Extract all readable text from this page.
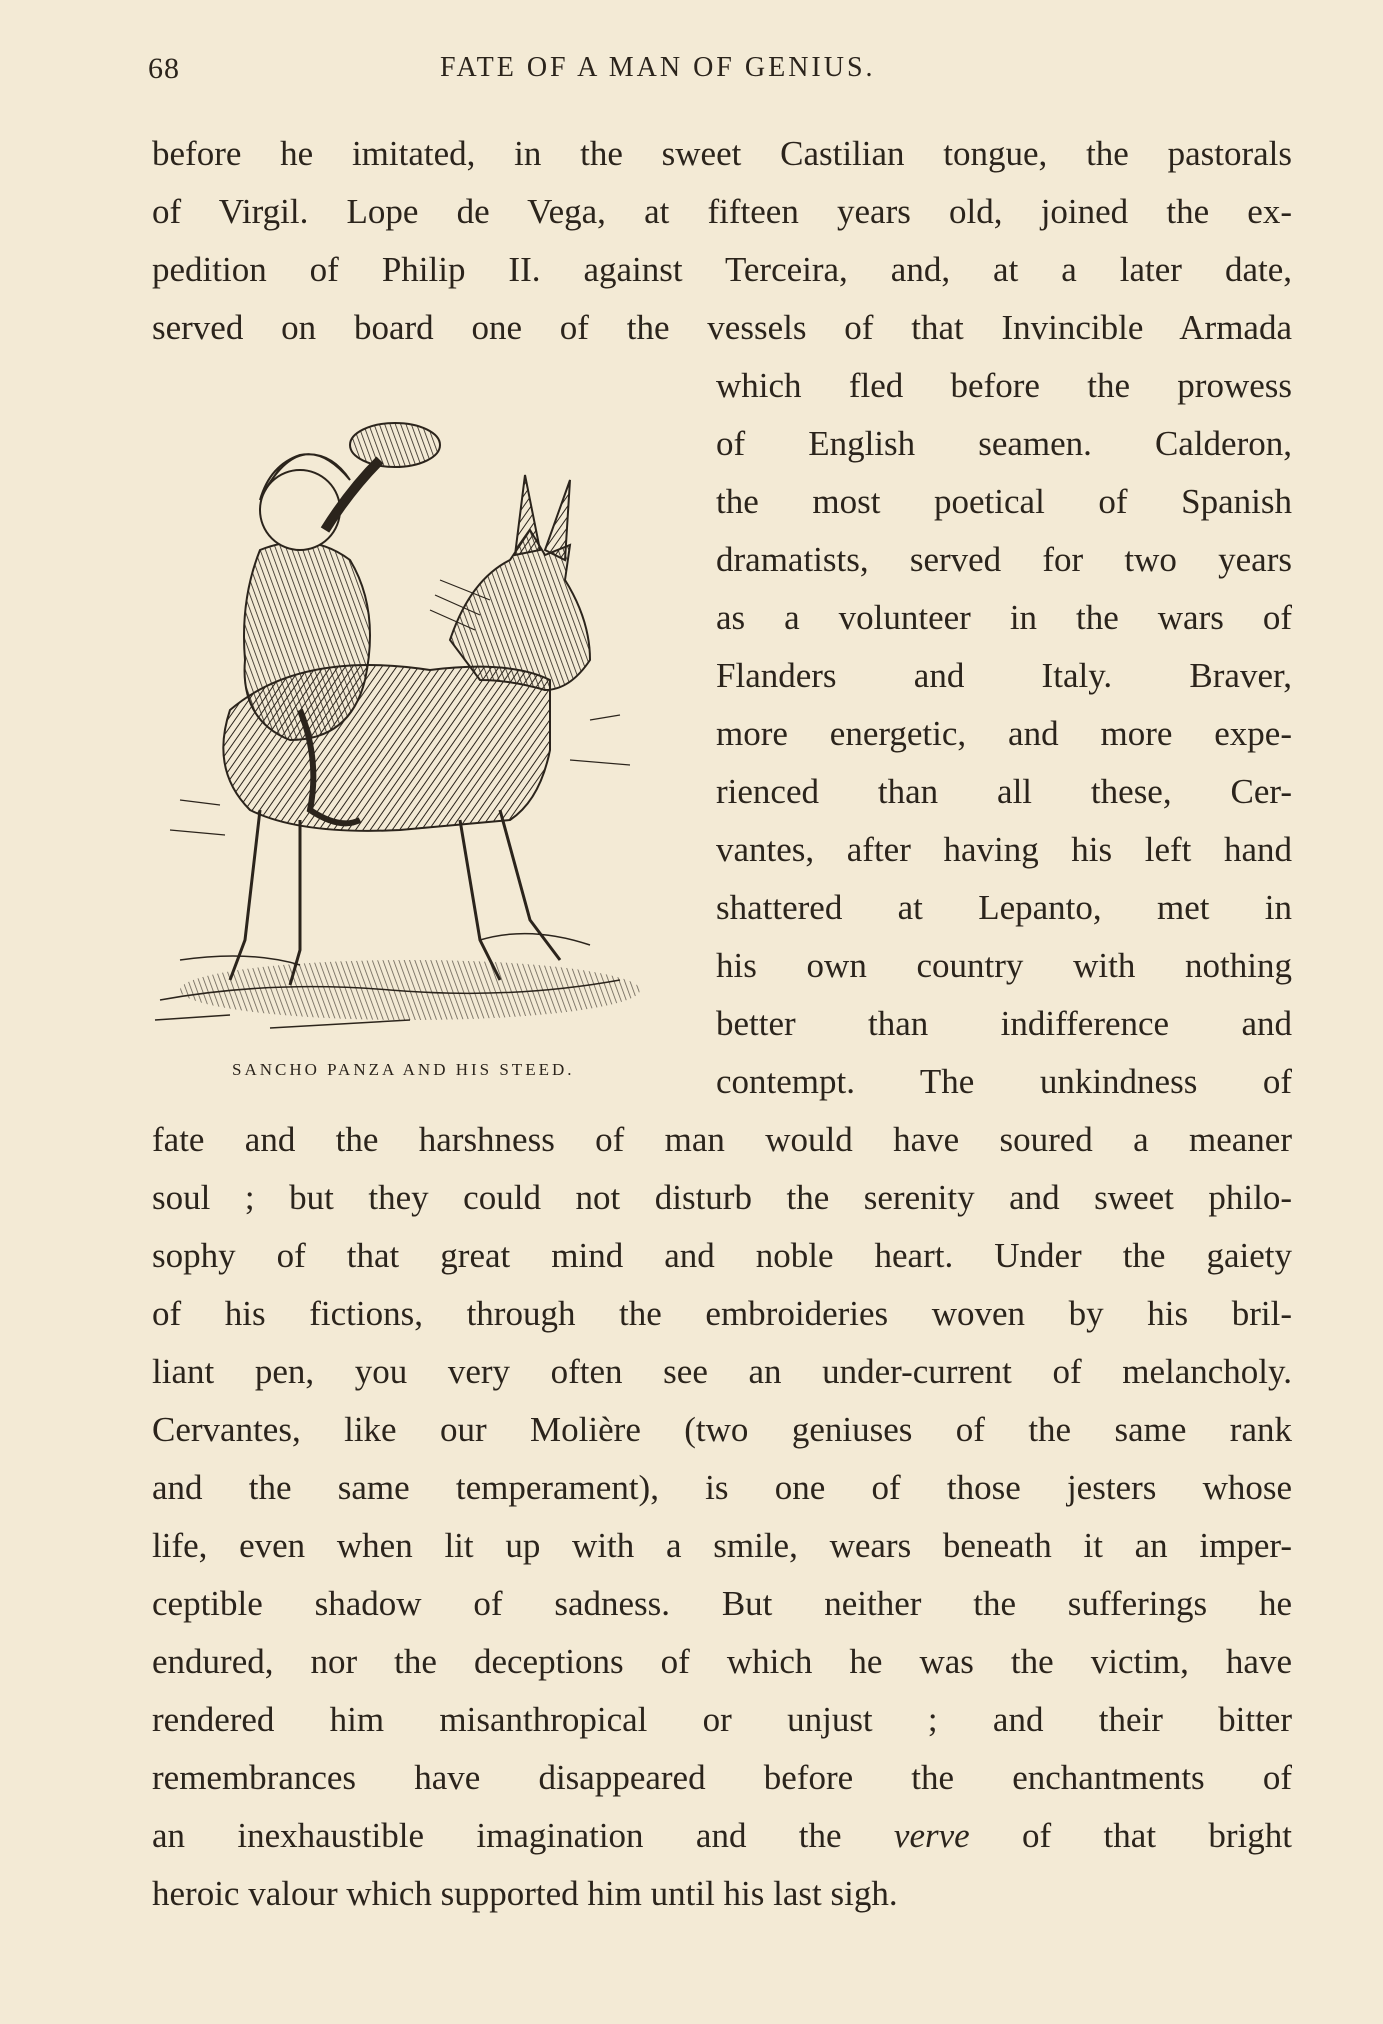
68	FATE OF A MAN OF GENIUS.
before he imitated, in the sweet Castilian tongue, the pastorals
of Virgil. Lope de Vega, at fifteen years old, joined the ex-
pedition of Philip II. against Terceira, and, at a later date,
served on board one of the vessels of that Invincible Armada
which fled before the prowess
of English seamen. Calderon,
the most poetical of Spanish
dramatists, served for two years
as a volunteer in the wars of
Flanders and Italy. Braver,
more energetic, and more expe-
rienced than all these, Cer-
vantes, after having his left hand
shattered at Lepanto, met in
his own country with nothing
better than indifference and
contempt. The unkindness of
SANCHO PANZA AND HIS STEED.
fate and the harshness of man would have soured a meaner
soul ; but they could not disturb the serenity and sweet philo-
sophy of that great mind and noble heart. Under the gaiety
of his fictions, through the embroideries woven by his bril-
liant pen, you very often see an under-current of melancholy.
Cervantes, like our Molière (two geniuses of the same rank
and the same temperament), is one of those jesters whose
life, even when lit up with a smile, wears beneath it an imper-
ceptible shadow of sadness. But neither the sufferings he
endured, nor the deceptions of which he was the victim, have
rendered him misanthropical or unjust ; and their bitter
remembrances have disappeared before the enchantments of
an inexhaustible imagination and the verve of that bright
heroic valour which supported him until his last sigh.
